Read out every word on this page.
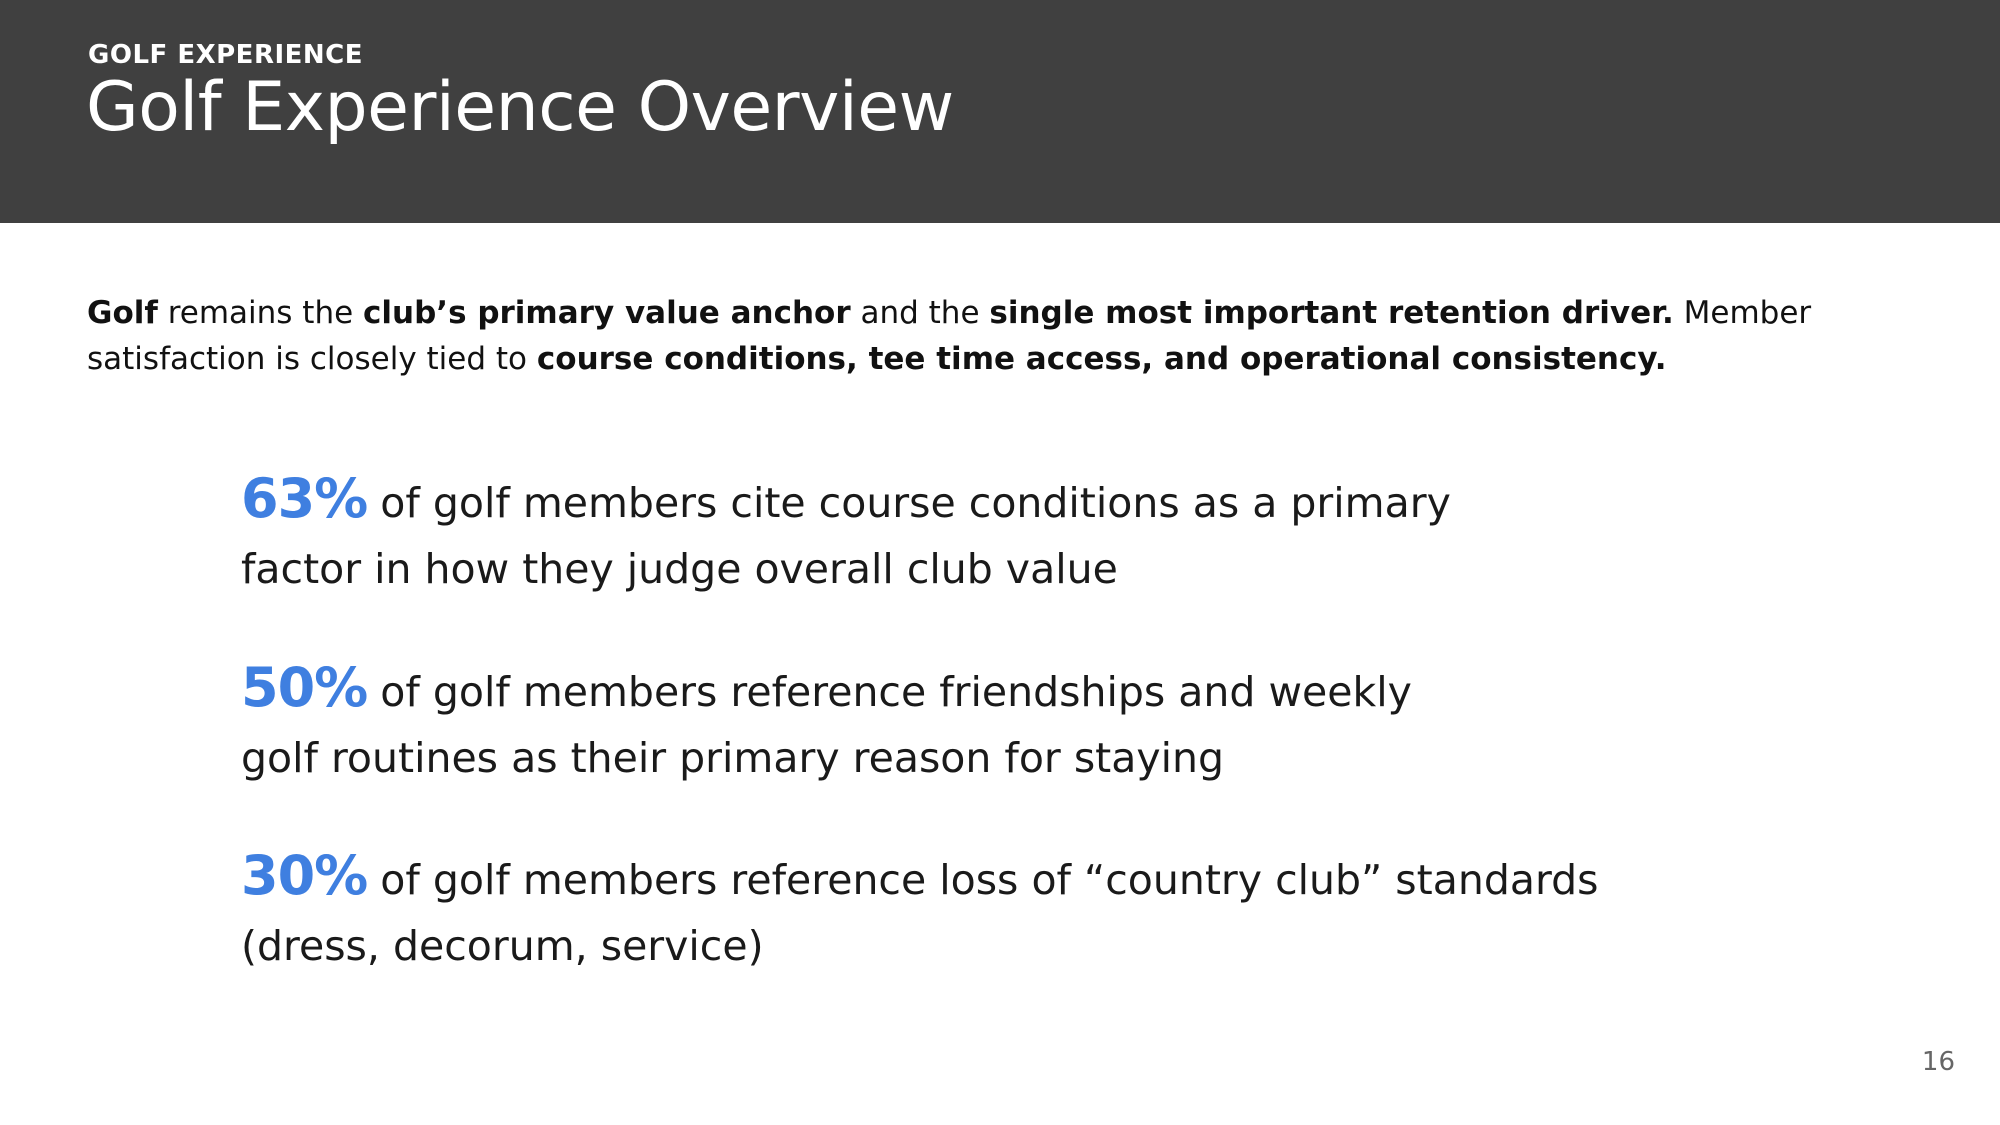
GOLF EXPERIENCE
Golf Experience Overview
Golf remains the club’s primary value anchor and the single most important retention driver. Member
satisfaction is closely tied to course conditions, tee time access, and operational consistency.
63% of golf members cite course conditions as a primary
factor in how they judge overall club value
50% of golf members reference friendships and weekly
golf routines as their primary reason for staying
30% of golf members reference loss of “country club” standards
(dress, decorum, service)
16
